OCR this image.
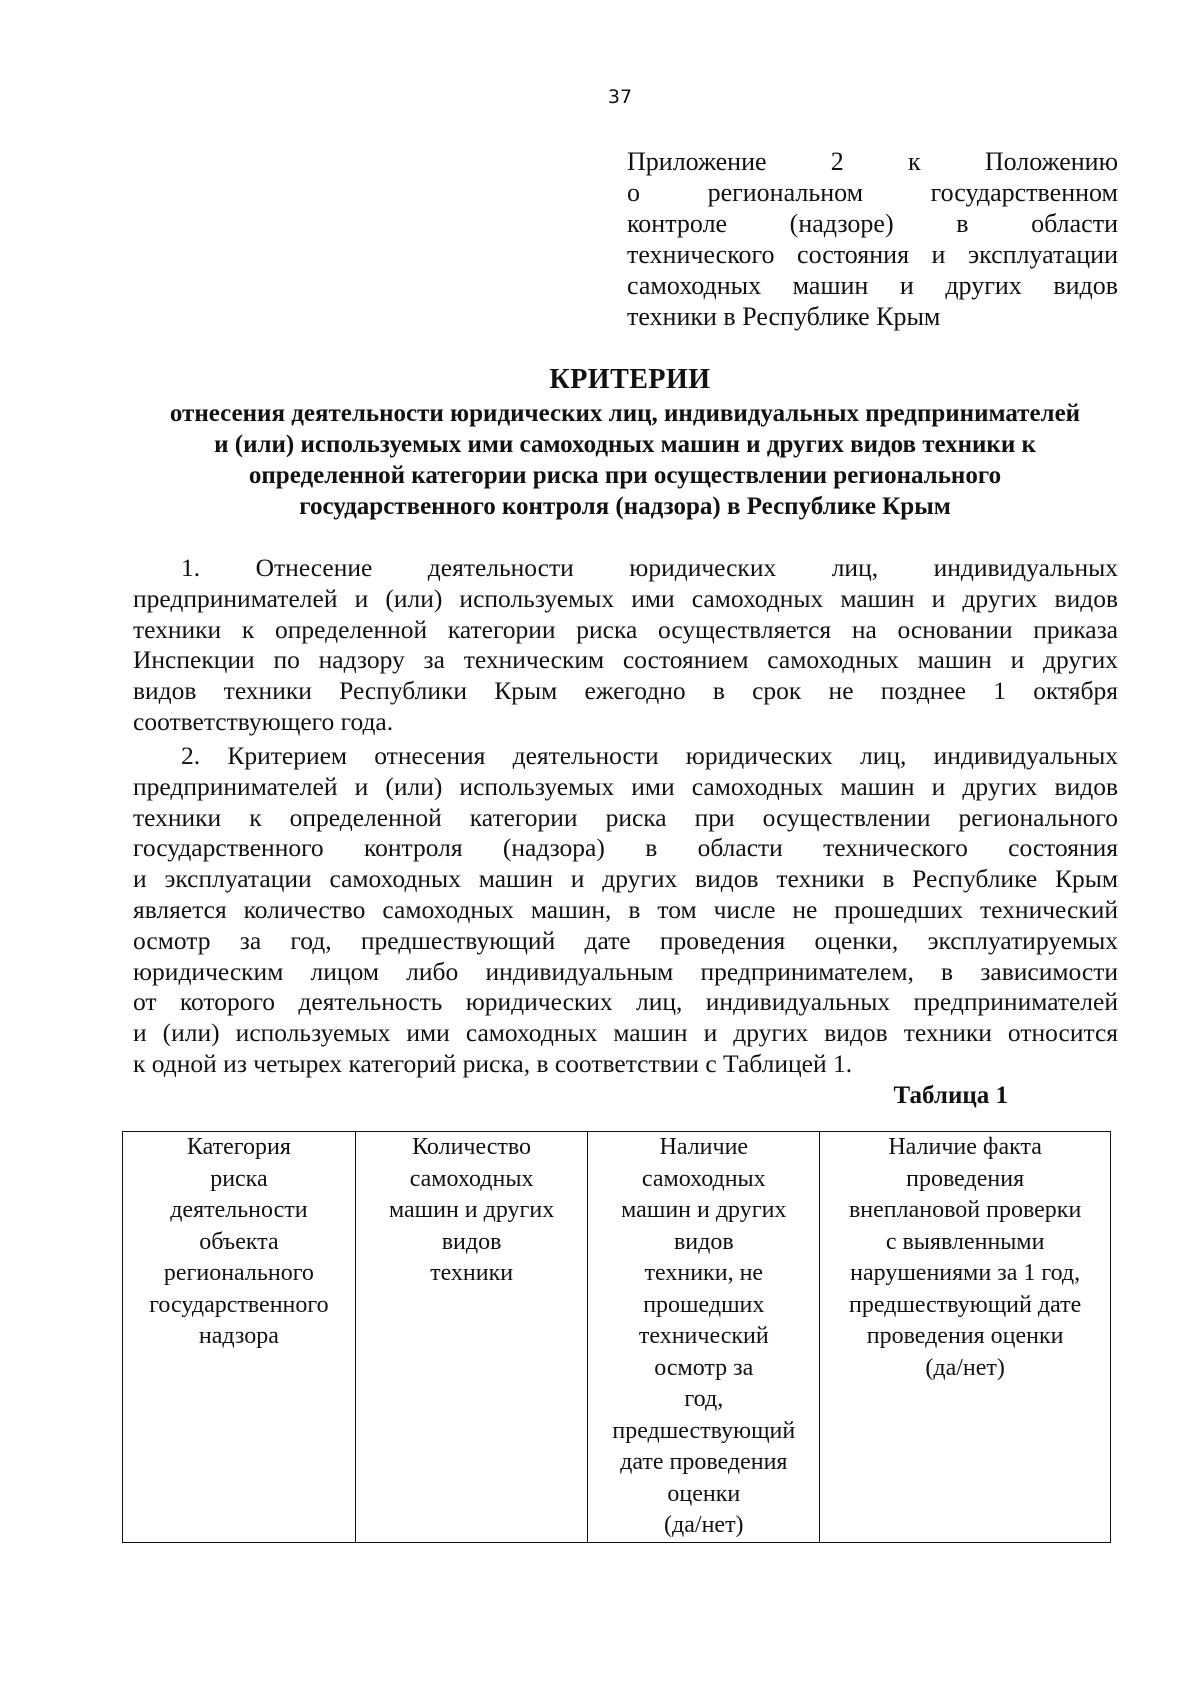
37
Приложение 2 к Положению
о региональном	государственном
контроле (надзоре) в области
технического состояния и эксплуатации
самоходных машин и других видов
техники в Республике Крым
КРИТЕРИИ
отнесения деятельности юридических лиц, индивидуальных предпринимателей
и (или) используемых ими самоходных машин и других видов техники к
определенной категории риска при осуществлении регионального
государственного контроля (надзора) в Республике Крым
1. Отнесение деятельности юридических лиц, индивидуальных
предпринимателей и (или) используемых ими самоходных машин и других видов
техники к определенной категории риска осуществляется на основании приказа
Инспекции по надзору за техническим состоянием самоходных машин и других
видов техники Республики Крым ежегодно в срок не позднее 1 октября
соответствующего года.
2. Критерием отнесения деятельности юридических лиц, индивидуальных
предпринимателей и (или) используемых ими самоходных машин и других видов
техники к определенной категории риска при осуществлении регионального
государственного контроля (надзора) в области технического состояния
и эксплуатации самоходных машин и других видов техники в Республике Крым
является количество самоходных машин, в том числе не прошедших технический
осмотр за год, предшествующий дате проведения оценки, эксплуатируемых
юридическим лицом либо индивидуальным предпринимателем, в зависимости
от которого деятельность юридических лиц, индивидуальных предпринимателей
и (или) используемых ими самоходных машин и других видов техники относится
к одной из четырех категорий риска, в соответствии с Таблицей 1.
Таблица 1
Категория
риска
деятельности
объекта
регионального
государственного
надзора

Количество
самоходных
машин и других
видов
техники

Наличие
самоходных
машин и других
видов
техники, не
прошедших
технический
осмотр за
год,
предшествующий
дате проведения
оценки
(да/нет)

Наличие факта
проведения
внеплановой проверки
с выявленными
нарушениями за 1 год,
предшествующий дате
проведения оценки
(да/нет)
